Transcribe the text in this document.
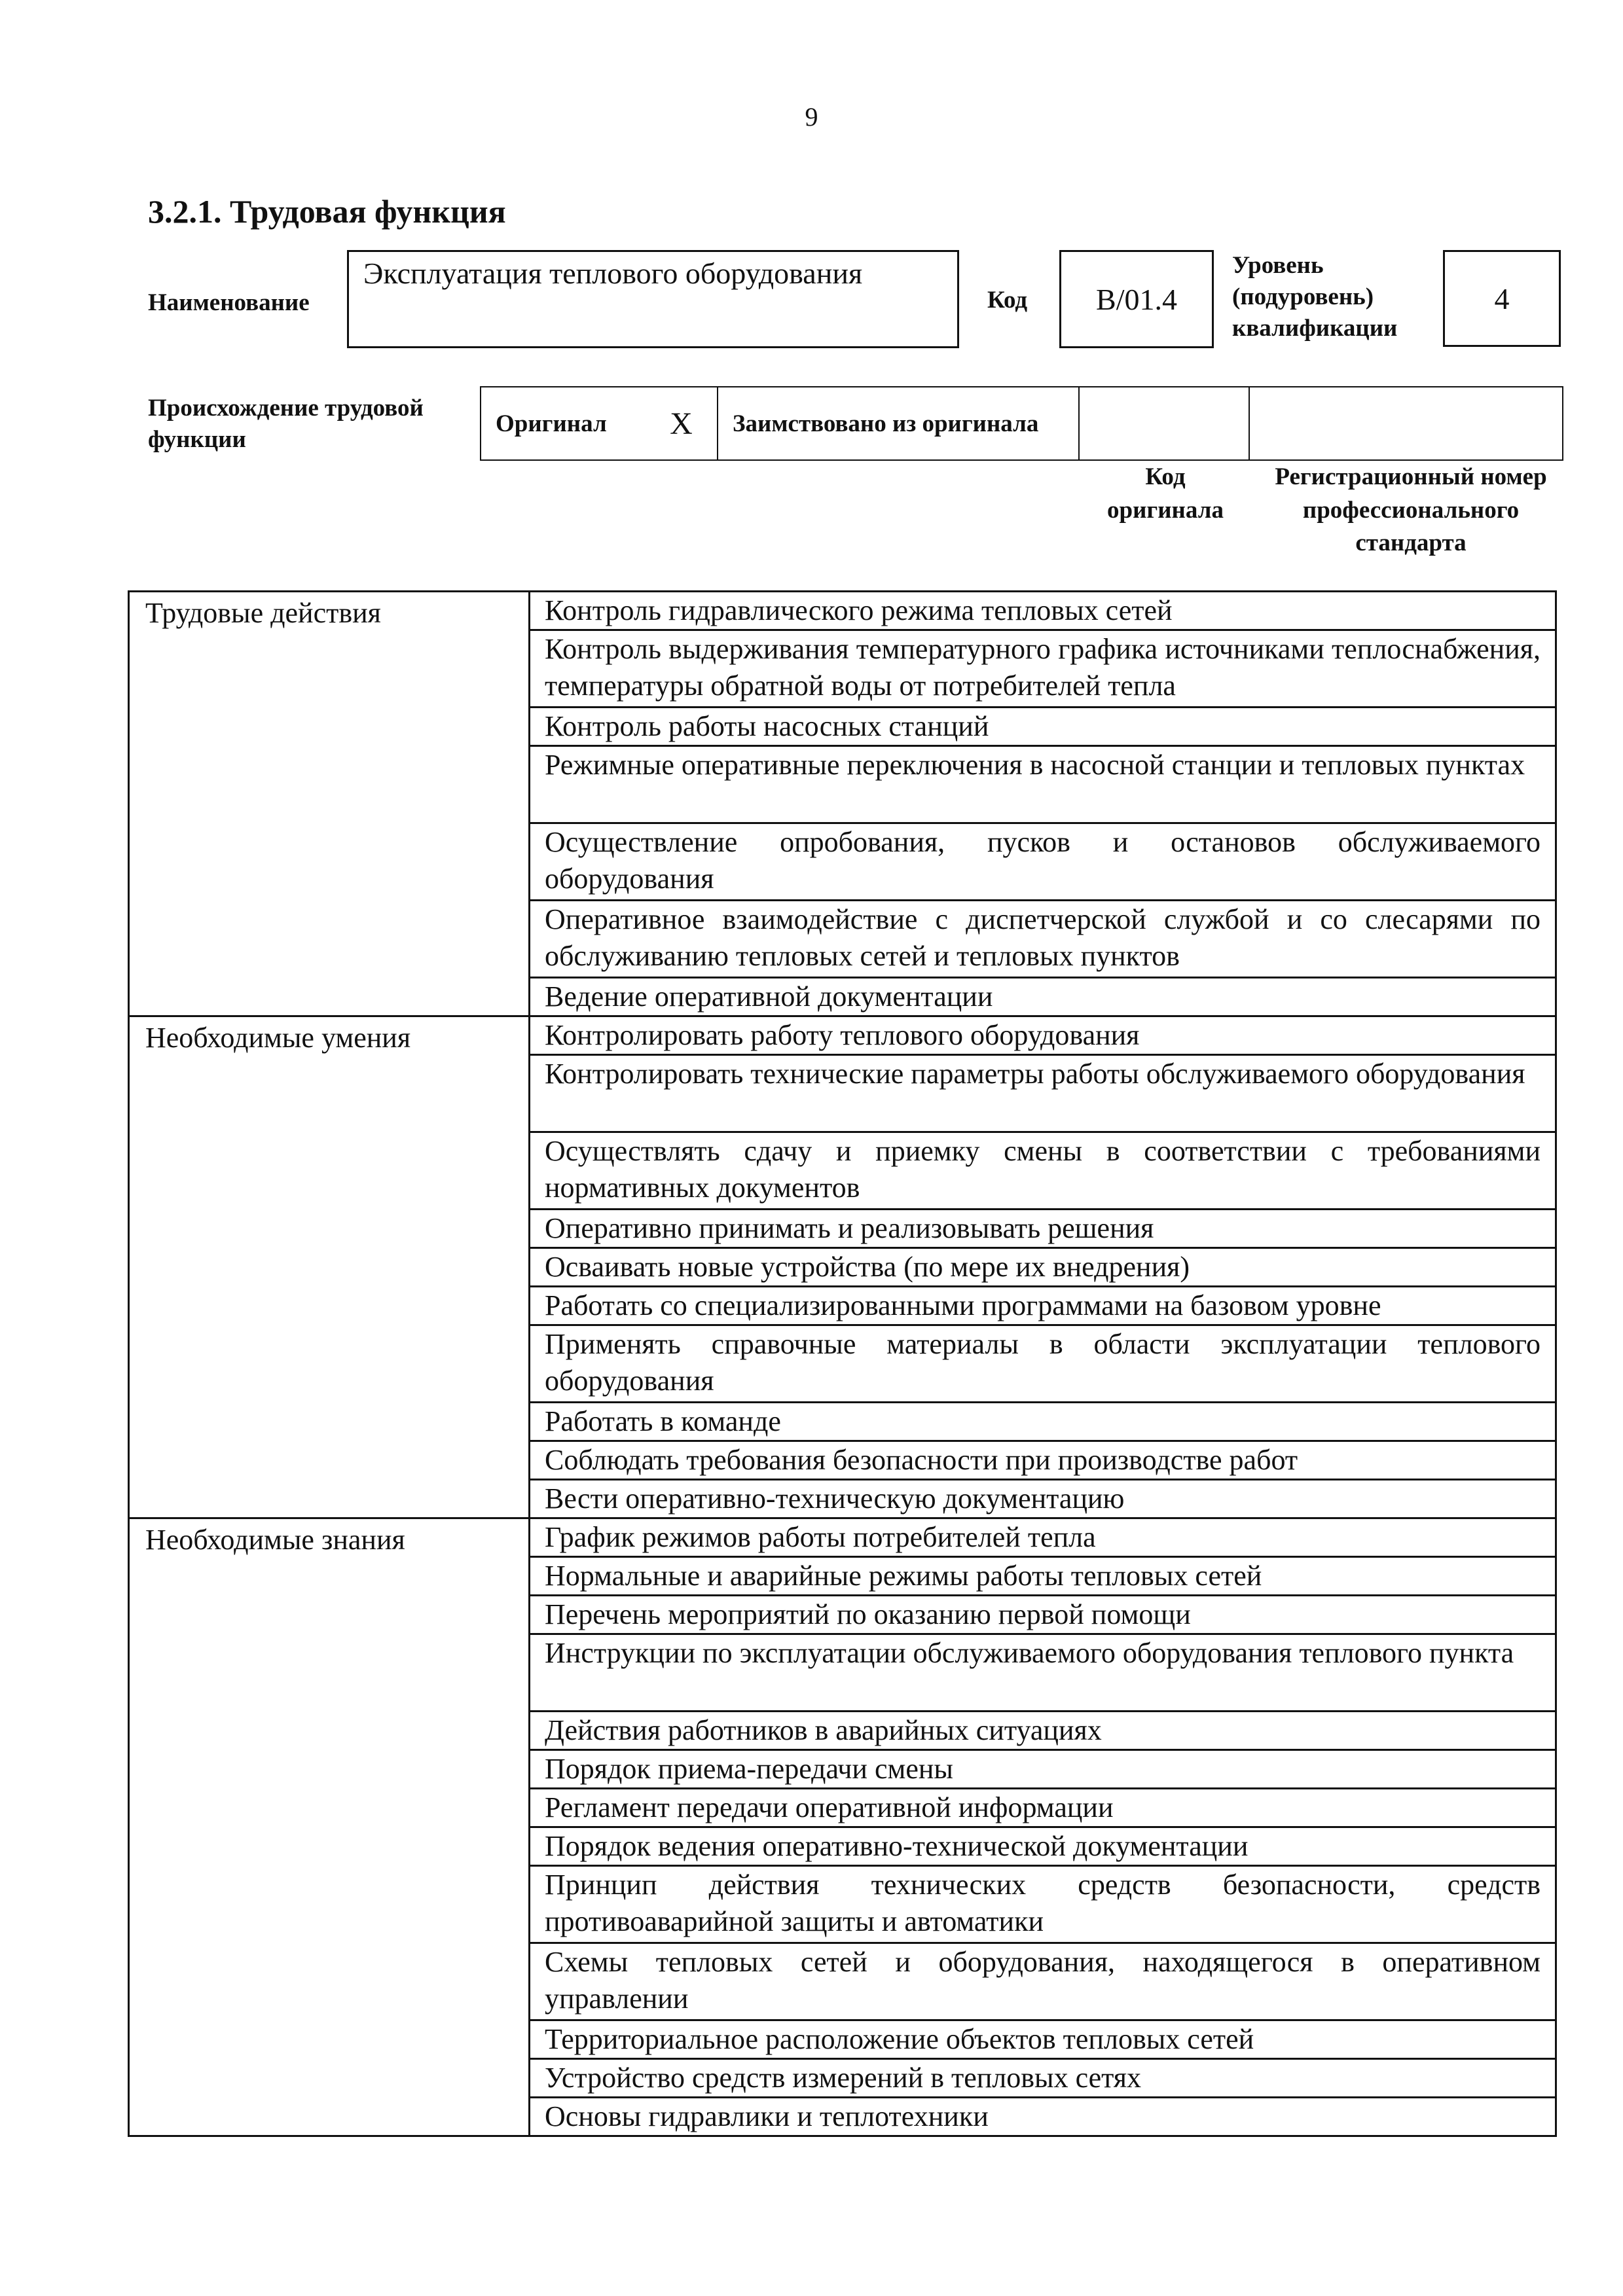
9
3.2.1. Трудовая функция
Наименование
Эксплуатация теплового оборудования
Код B/01.4
Уровень
(подуровень)
квалификации
4
Происхождение трудовой
функции
Оригинал	X	Заимствовано из оригинала		
Код
оригинала
Регистрационный номер
профессионального
стандарта
Трудовые действия	Контроль гидравлического режима тепловых сетей
	Контроль выдерживания температурного графика источниками теплоснабжения, температуры обратной воды от потребителей тепла
	Контроль работы насосных станций
	Режимные оперативные переключения в насосной станции и тепловых пунктах
	Осуществление опробования, пусков и остановов обслуживаемого оборудования
	Оперативное взаимодействие с диспетчерской службой и со слесарями по обслуживанию тепловых сетей и тепловых пунктов
	Ведение оперативной документации
Необходимые умения	Контролировать работу теплового оборудования
	Контролировать технические параметры работы обслуживаемого оборудования
	Осуществлять сдачу и приемку смены в соответствии с требованиями нормативных документов
	Оперативно принимать и реализовывать решения
	Осваивать новые устройства (по мере их внедрения)
	Работать со специализированными программами на базовом уровне
	Применять справочные материалы в области эксплуатации теплового оборудования
	Работать в команде
	Соблюдать требования безопасности при производстве работ
	Вести оперативно-техническую документацию
Необходимые знания	График режимов работы потребителей тепла
	Нормальные и аварийные режимы работы тепловых сетей
	Перечень мероприятий по оказанию первой помощи
	Инструкции по эксплуатации обслуживаемого оборудования теплового пункта
	Действия работников в аварийных ситуациях
	Порядок приема-передачи смены
	Регламент передачи оперативной информации
	Порядок ведения оперативно-технической документации
	Принцип действия технических средств безопасности, средств противоаварийной защиты и автоматики
	Схемы тепловых сетей и оборудования, находящегося в оперативном управлении
	Территориальное расположение объектов тепловых сетей
	Устройство средств измерений в тепловых сетях
	Основы гидравлики и теплотехники
